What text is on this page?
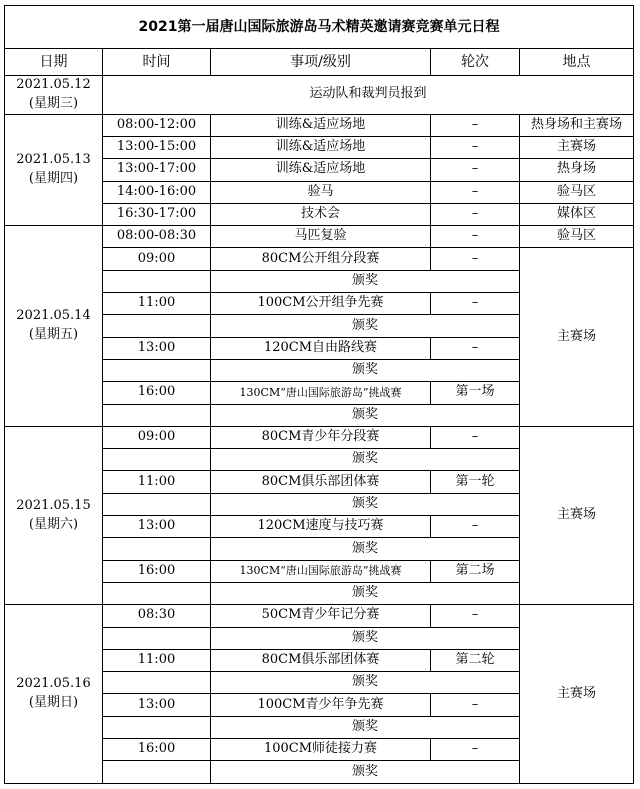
2021第一届唐山国际旅游岛马术精英邀请赛竞赛单元日程				
日期	时间	事项/级别	轮次	地点

2021.05.12
(星期三)	运动队和裁判员报到			

2021.05.13
(星期四)	08:00-12:00	训练&适应场地	–	热身场和主赛场
	13:00-15:00	训练&适应场地	–	主赛场
	13:00-17:00	训练&适应场地	–	热身场
	14:00-16:00	验马	–	验马区
	16:30-17:00	技术会	–	媒体区

2021.05.14
(星期五)	08:00-08:30	马匹复验	–	验马区
	09:00	80CM公开组分段赛	–	主赛场
		颁奖		
	11:00	100CM公开组争先赛	–	
		颁奖		
	13:00	120CM自由路线赛	–	
		颁奖		
	16:00	130CM“唐山国际旅游岛”挑战赛	第一场	
		颁奖		

2021.05.15
(星期六)	09:00	80CM青少年分段赛	–	主赛场
		颁奖		
	11:00	80CM俱乐部团体赛	第一轮	
		颁奖		
	13:00	120CM速度与技巧赛	–	
		颁奖		
	16:00	130CM“唐山国际旅游岛”挑战赛	第二场	
		颁奖		

2021.05.16
(星期日)	08:30	50CM青少年记分赛	–	主赛场
		颁奖		
	11:00	80CM俱乐部团体赛	第二轮	
		颁奖		
	13:00	100CM青少年争先赛	–	
		颁奖		
	16:00	100CM师徒接力赛	–	
		颁奖		
